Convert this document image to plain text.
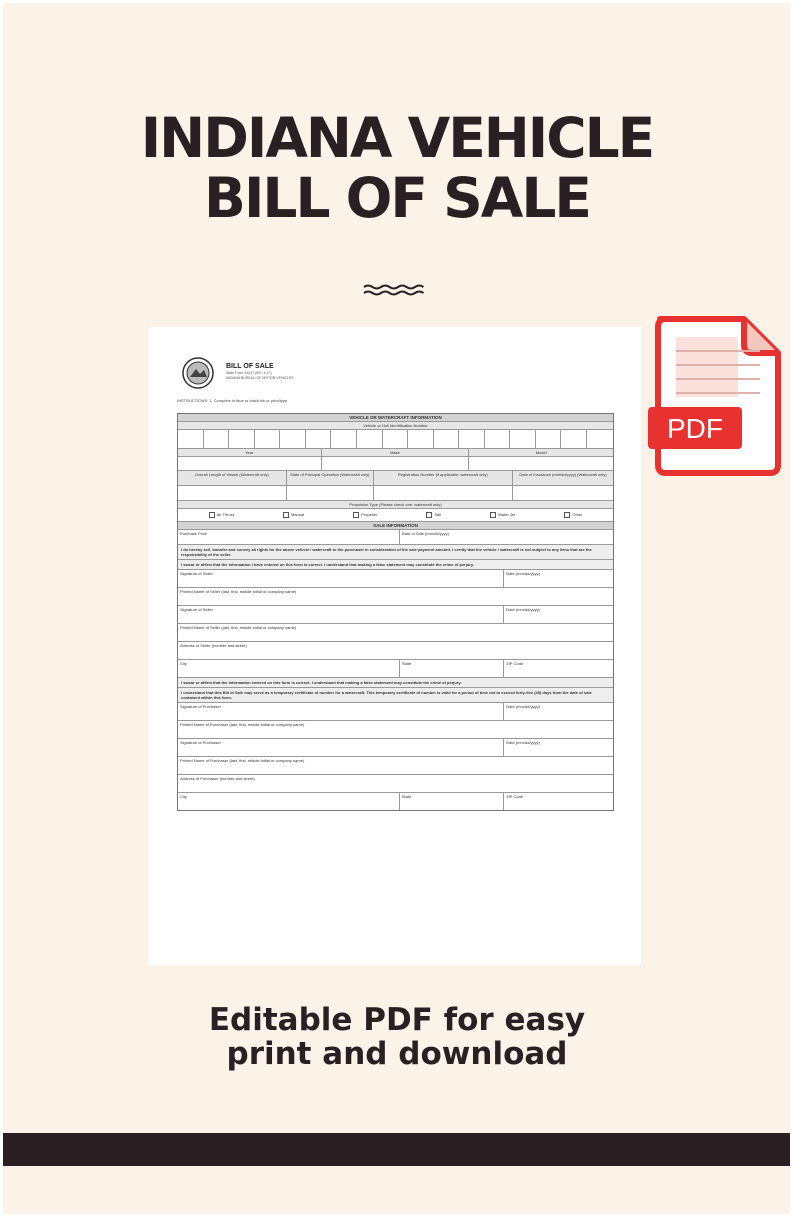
INDIANA VEHICLE
BILL OF SALE
BILL OF SALE
State Form 44237 (R5 / 4-17)
INDIANA BUREAU OF MOTOR VEHICLES
INSTRUCTIONS: 1. Complete in blue or black ink or print/type.
VEHICLE OR WATERCRAFT INFORMATION
Vehicle or Hull Identification Number
Year	Make	Model
Overall Length of Vessel (Watercraft only)	State of Principal Operation (Watercraft only)	Registration Number (if applicable: watercraft only)	Date of Insurance (mm/dd/yyyy) (Watercraft only)
Propulsion Type (Please check one: watercraft only)
Air Thrust	Manual	Propeller	Sail	Water Jet	Other
SALE INFORMATION
Purchase Price	Date of Sale (mm/dd/yyyy)
I do hereby sell, transfer and convey all rights for the above vehicle / watercraft to the purchaser in consideration of the sale payment amount. I certify that the vehicle / watercraft is not subject to any liens that are the responsibility of the seller.
I swear or affirm that the information I have entered on this form is correct. I understand that making a false statement may constitute the crime of perjury.
Signature of Seller	Date (mm/dd/yyyy)
Printed Name of Seller (last, first, middle initial or company name)
Signature of Seller	Date (mm/dd/yyyy)
Printed Name of Seller (last, first, middle initial or company name)
Address of Seller (number and street)
City	State	ZIP Code
I swear or affirm that the information entered on this form is correct. I understand that making a false statement may constitute the crime of perjury.
I understand that this Bill of Sale may serve as a temporary certificate of number for a watercraft. This temporary certificate of number is valid for a period of time not to exceed forty-five (45) days from the date of sale contained within this form.
Signature of Purchaser	Date (mm/dd/yyyy)
Printed Name of Purchaser (last, first, middle initial or company name)
Signature of Purchaser	Date (mm/dd/yyyy)
Printed Name of Purchaser (last, first, middle initial or company name)
Address of Purchaser (number and street)
City	State	ZIP Code
PDF
Editable PDF for easy
print and download
